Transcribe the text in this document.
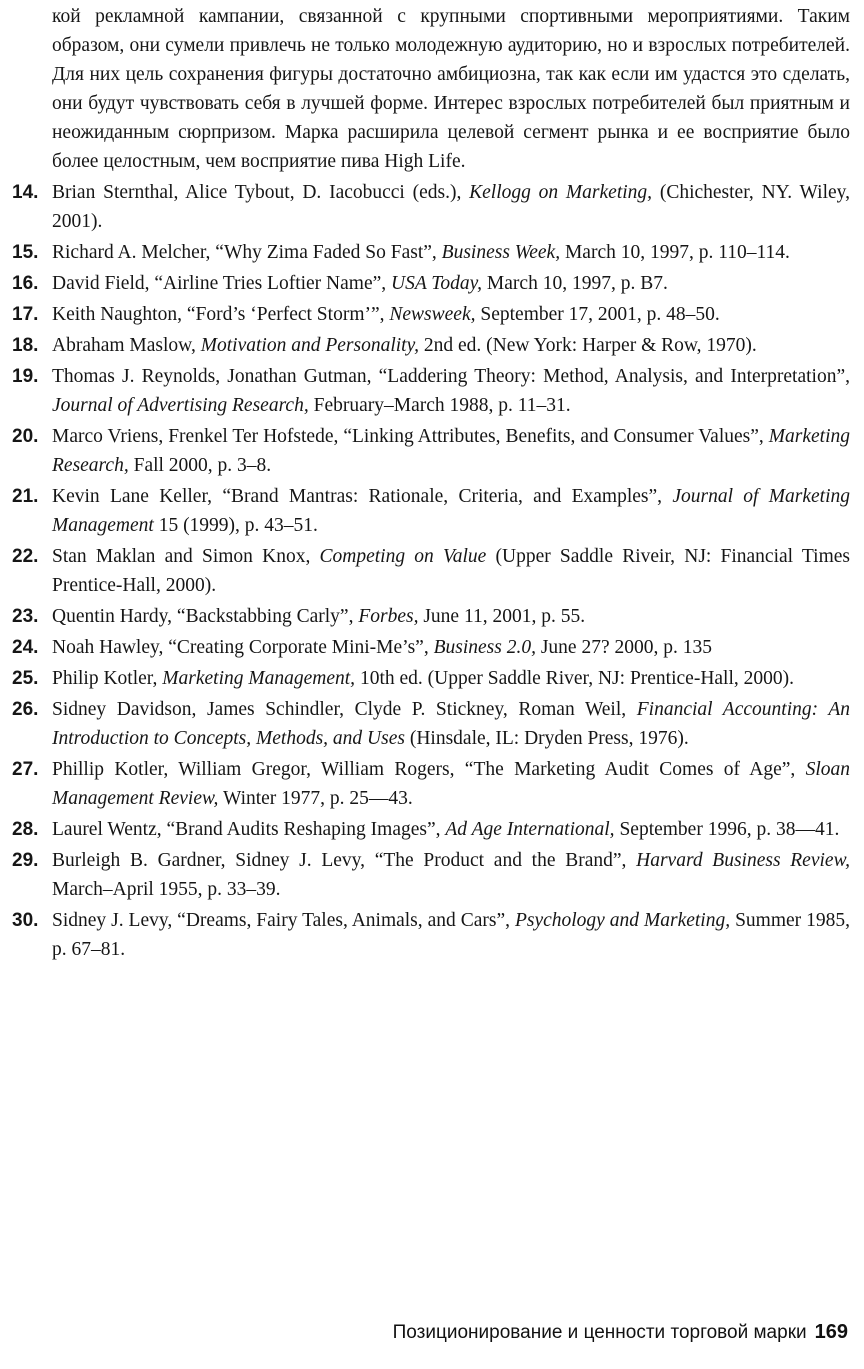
кой рекламной кампании, связанной с крупными спортивными мероприятиями. Таким образом, они сумели привлечь не только молодежную аудиторию, но и взрослых потребителей. Для них цель сохранения фигуры достаточно амбициозна, так как если им удастся это сделать, они будут чувствовать себя в лучшей форме. Интерес взрослых потребителей был приятным и неожиданным сюрпризом. Марка расширила целевой сегмент рынка и ее восприятие было более целостным, чем восприятие пива High Life.

14. Brian Sternthal, Alice Tybout, D. Iacobucci (eds.), Kellogg on Marketing, (Chichester, NY. Wiley, 2001).
15. Richard A. Melcher, “Why Zima Faded So Fast”, Business Week, March 10, 1997, p. 110–114.
16. David Field, “Airline Tries Loftier Name”, USA Today, March 10, 1997, p. B7.
17. Keith Naughton, “Ford’s ‘Perfect Storm’”, Newsweek, September 17, 2001, p. 48–50.
18. Abraham Maslow, Motivation and Personality, 2nd ed. (New York: Harper & Row, 1970).
19. Thomas J. Reynolds, Jonathan Gutman, “Laddering Theory: Method, Analysis, and Interpretation”, Journal of Advertising Research, February–March 1988, p. 11–31.
20. Marco Vriens, Frenkel Ter Hofstede, “Linking Attributes, Benefits, and Consumer Values”, Marketing Research, Fall 2000, p. 3–8.
21. Kevin Lane Keller, “Brand Mantras: Rationale, Criteria, and Examples”, Journal of Marketing Management 15 (1999), p. 43–51.
22. Stan Maklan and Simon Knox, Competing on Value (Upper Saddle Riveir, NJ: Financial Times Prentice-Hall, 2000).
23. Quentin Hardy, “Backstabbing Carly”, Forbes, June 11, 2001, p. 55.
24. Noah Hawley, “Creating Corporate Mini-Me’s”, Business 2.0, June 27? 2000, p. 135
25. Philip Kotler, Marketing Management, 10th ed. (Upper Saddle River, NJ: Prentice-Hall, 2000).
26. Sidney Davidson, James Schindler, Clyde P. Stickney, Roman Weil, Financial Accounting: An Introduction to Concepts, Methods, and Uses (Hinsdale, IL: Dryden Press, 1976).
27. Phillip Kotler, William Gregor, William Rogers, “The Marketing Audit Comes of Age”, Sloan Management Review, Winter 1977, p. 25—43.
28. Laurel Wentz, “Brand Audits Reshaping Images”, Ad Age International, September 1996, p. 38—41.
29. Burleigh B. Gardner, Sidney J. Levy, “The Product and the Brand”, Harvard Business Review, March–April 1955, p. 33–39.
30. Sidney J. Levy, “Dreams, Fairy Tales, Animals, and Cars”, Psychology and Marketing, Summer 1985, p. 67–81.
Позиционирование и ценности торговой марки 169
